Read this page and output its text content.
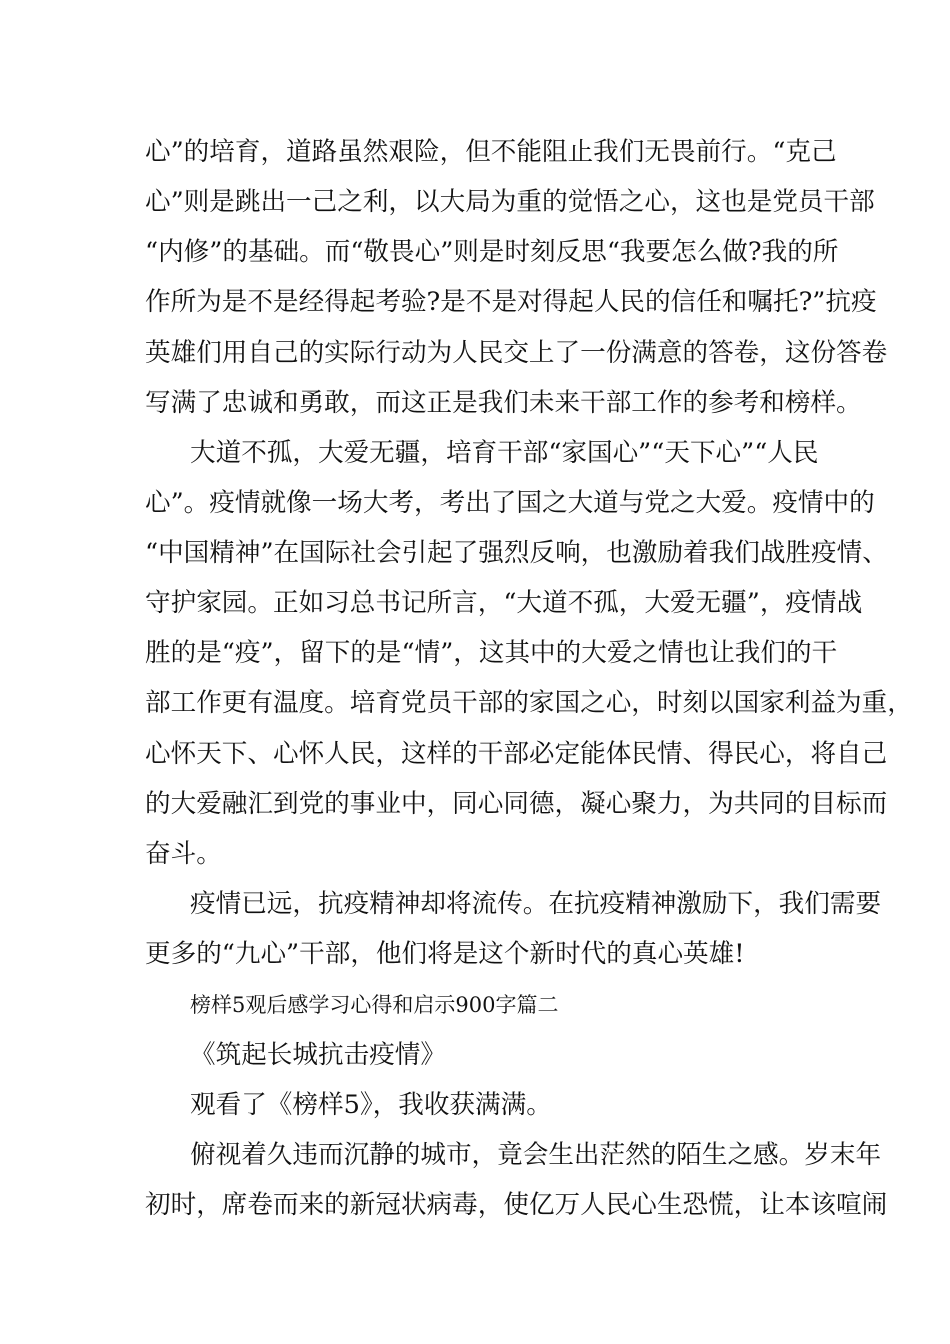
心”的培育，道路虽然艰险，但不能阻止我们无畏前行。“克己
心”则是跳出一己之利，以大局为重的觉悟之心，这也是党员干部
“内修”的基础。而“敬畏心”则是时刻反思“我要怎么做?我的所
作所为是不是经得起考验?是不是对得起人民的信任和嘱托?”抗疫
英雄们用自己的实际行动为人民交上了一份满意的答卷，这份答卷
写满了忠诚和勇敢，而这正是我们未来干部工作的参考和榜样。
大道不孤，大爱无疆，培育干部“家国心”“天下心”“人民
心”。疫情就像一场大考，考出了国之大道与党之大爱。疫情中的
“中国精神”在国际社会引起了强烈反响，也激励着我们战胜疫情、
守护家园。正如习总书记所言，“大道不孤，大爱无疆”，疫情战
胜的是“疫”，留下的是“情”，这其中的大爱之情也让我们的干
部工作更有温度。培育党员干部的家国之心，时刻以国家利益为重，
心怀天下、心怀人民，这样的干部必定能体民情、得民心，将自己
的大爱融汇到党的事业中，同心同德，凝心聚力，为共同的目标而
奋斗。
疫情已远，抗疫精神却将流传。在抗疫精神激励下，我们需要
更多的“九心”干部，他们将是这个新时代的真心英雄!
榜样5观后感学习心得和启示900字篇二
《筑起长城抗击疫情》
观看了《榜样5》，我收获满满。
俯视着久违而沉静的城市，竟会生出茫然的陌生之感。岁末年
初时，席卷而来的新冠状病毒，使亿万人民心生恐慌，让本该喧闹
